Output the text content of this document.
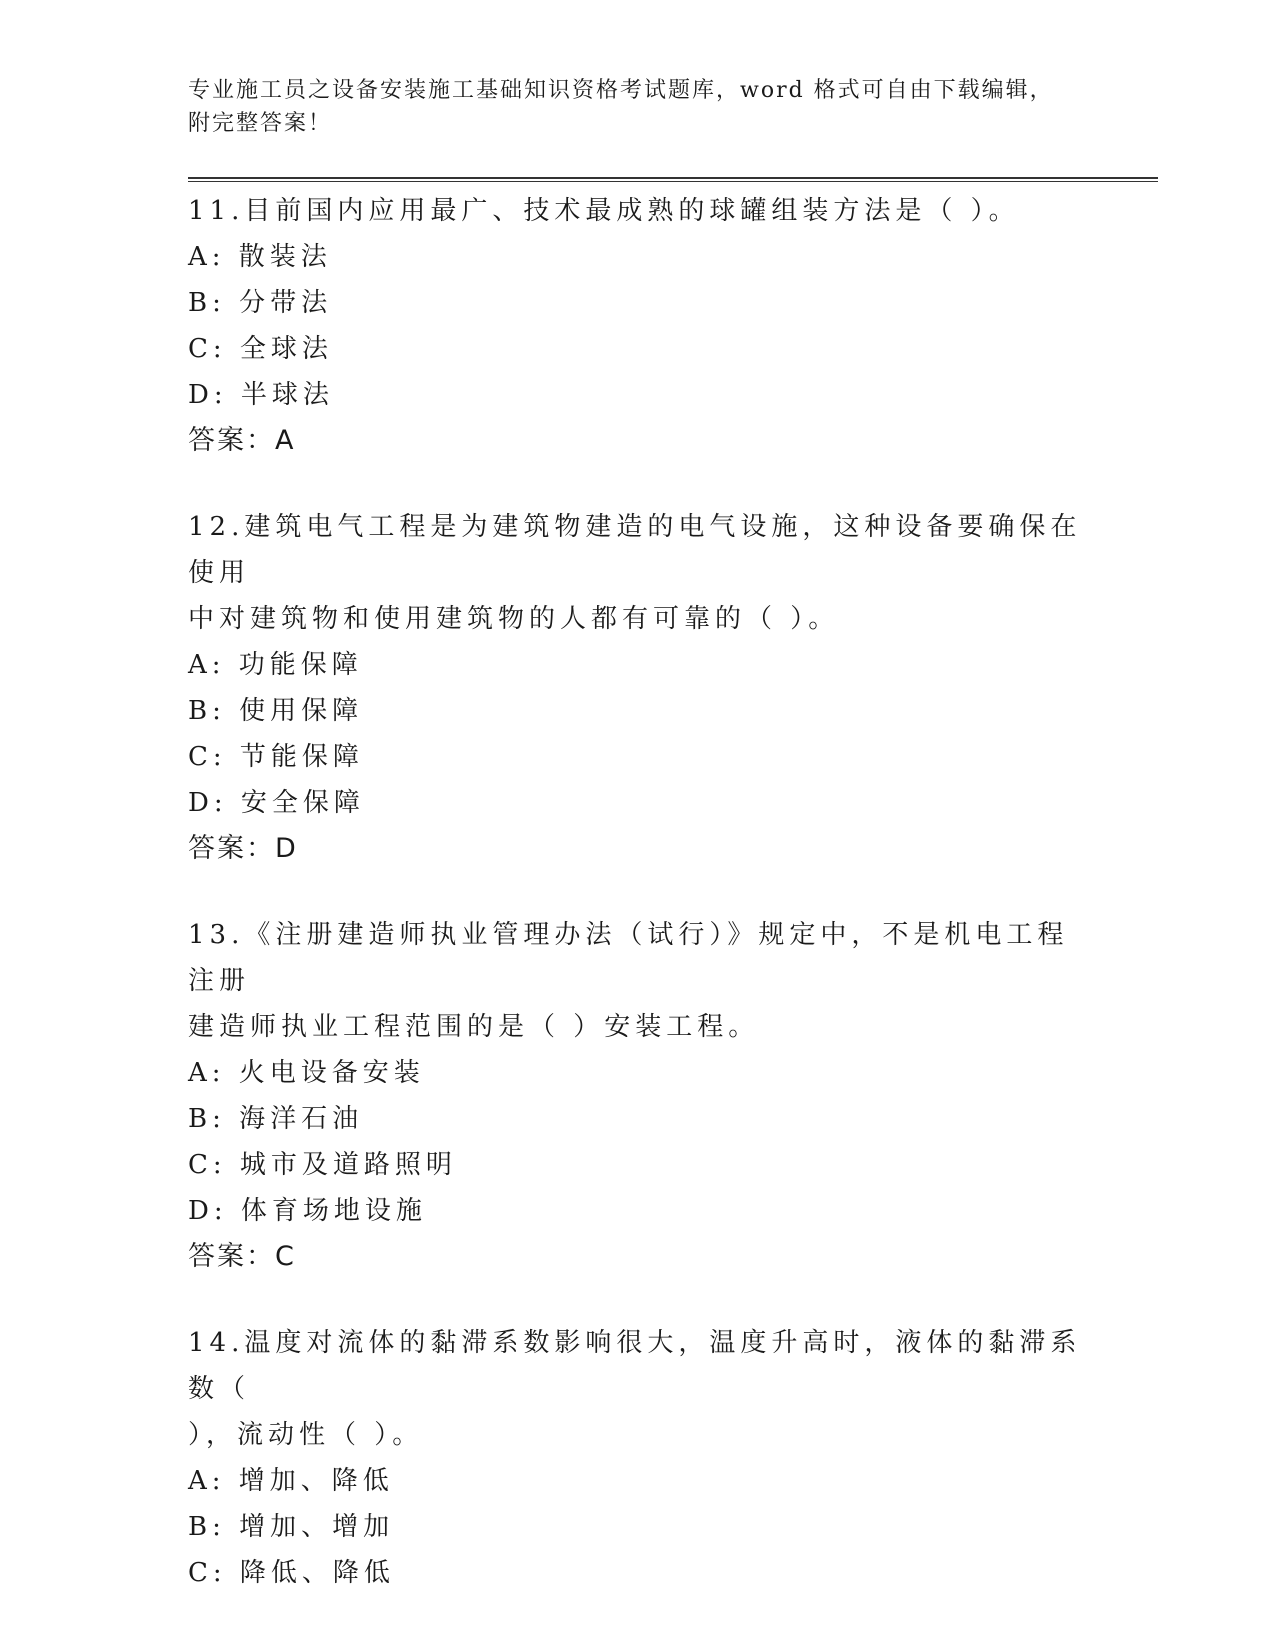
专业施工员之设备安装施工基础知识资格考试题库，word 格式可自由下载编辑，
附完整答案！
11.目前国内应用最广、技术最成熟的球罐组装方法是（ ）。
A: 散装法
B: 分带法
C: 全球法
D: 半球法
答案：A
12.建筑电气工程是为建筑物建造的电气设施，这种设备要确保在使用
中对建筑物和使用建筑物的人都有可靠的（ ）。
A: 功能保障
B: 使用保障
C: 节能保障
D: 安全保障
答案：D
13.《注册建造师执业管理办法（试行）》规定中，不是机电工程注册
建造师执业工程范围的是（ ）安装工程。
A: 火电设备安装
B: 海洋石油
C: 城市及道路照明
D: 体育场地设施
答案：C
14.温度对流体的黏滞系数影响很大，温度升高时，液体的黏滞系数（
），流动性（ ）。
A: 增加、降低
B: 增加、增加
C: 降低、降低
